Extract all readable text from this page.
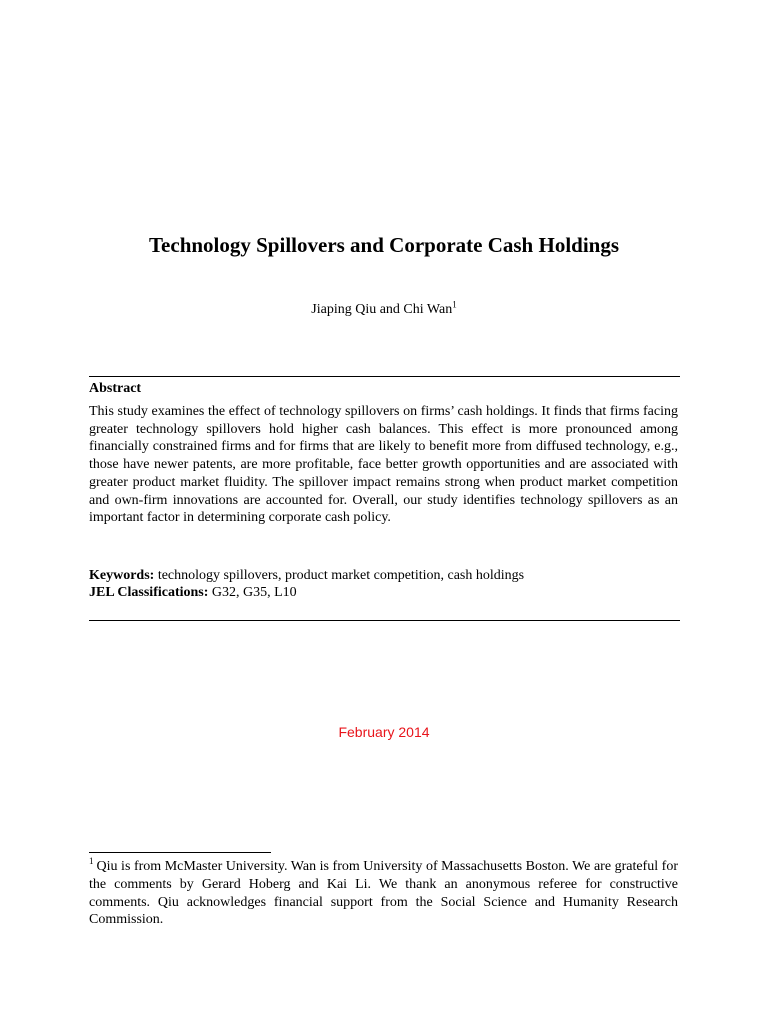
Technology Spillovers and Corporate Cash Holdings
Jiaping Qiu and Chi Wan$^1$
Abstract

This study examines the effect of technology spillovers on firms’ cash holdings. It finds that firms facing greater technology spillovers hold higher cash balances. This effect is more pronounced among financially constrained firms and for firms that are likely to benefit more from diffused technology, e.g., those have newer patents, are more profitable, face better growth opportunities and are associated with greater product market fluidity. The spillover impact remains strong when product market competition and own-firm innovations are accounted for. Overall, our study identifies technology spillovers as an important factor in determining corporate cash policy.

Keywords: technology spillovers, product market competition, cash holdings

JEL Classifications: G32, G35, L10

February 2014

$^1$ Qiu is from McMaster University. Wan is from University of Massachusetts Boston. We are grateful for the comments by Gerard Hoberg and Kai Li. We thank an anonymous referee for constructive comments. Qiu acknowledges financial support from the Social Science and Humanity Research Commission.
